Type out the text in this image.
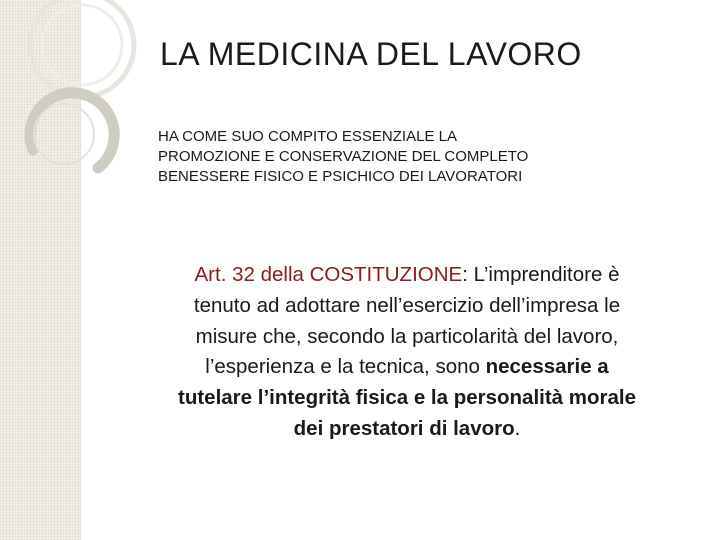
LA MEDICINA DEL LAVORO

HA COME SUO COMPITO ESSENZIALE LA
PROMOZIONE E CONSERVAZIONE DEL COMPLETO
BENESSERE FISICO E PSICHICO DEI LAVORATORI

Art. 32 della COSTITUZIONE: L’imprenditore è tenuto ad adottare nell’esercizio dell’impresa le misure che, secondo la particolarità del lavoro, l’esperienza e la tecnica, sono necessarie a tutelare l’integrità fisica e la personalità morale dei prestatori di lavoro.
